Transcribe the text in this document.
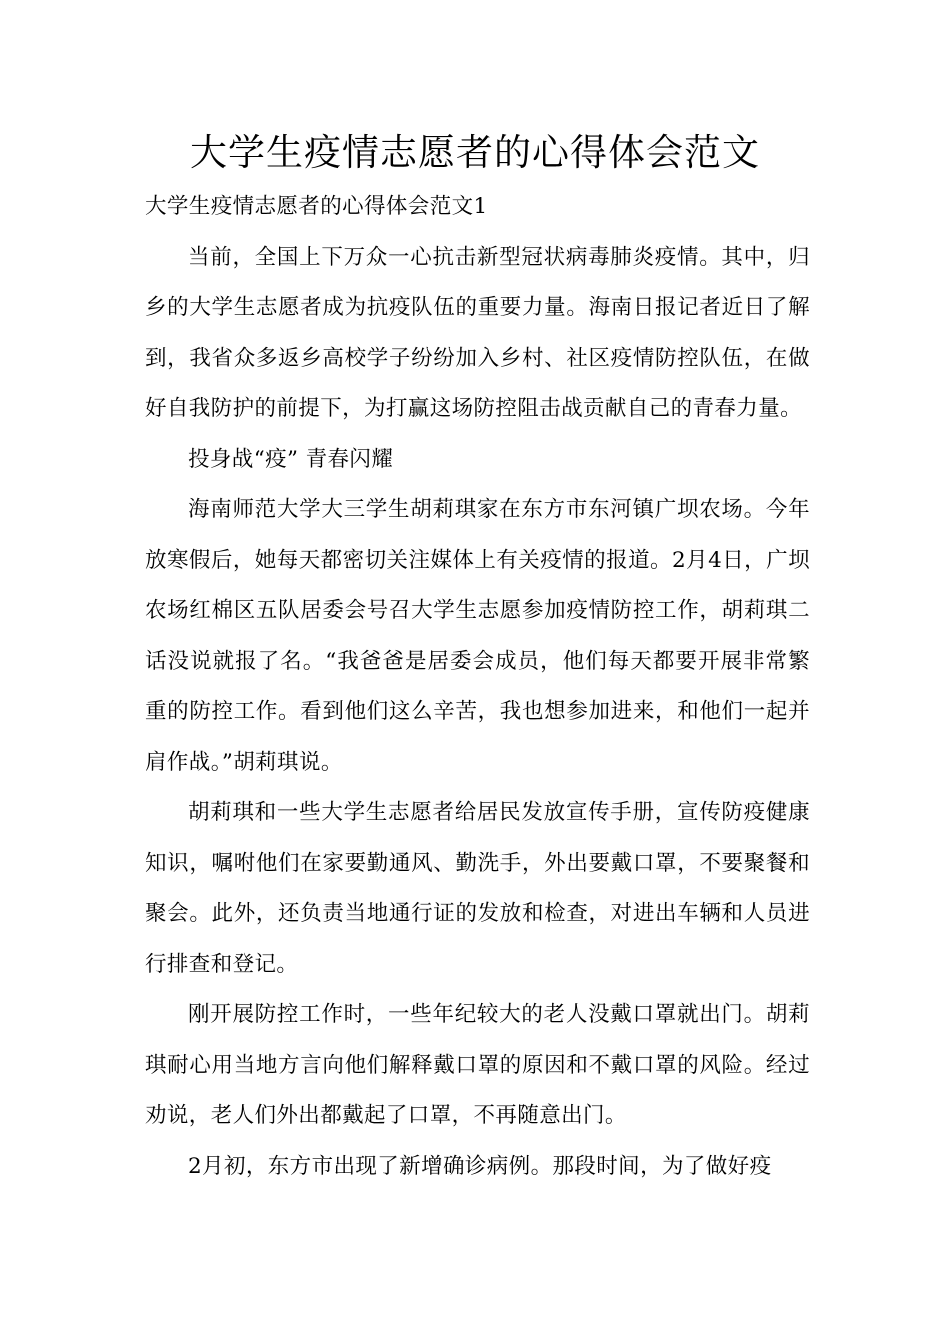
大学生疫情志愿者的心得体会范文

大学生疫情志愿者的心得体会范文1

当前，全国上下万众一心抗击新型冠状病毒肺炎疫情。其中，归乡的大学生志愿者成为抗疫队伍的重要力量。海南日报记者近日了解到，我省众多返乡高校学子纷纷加入乡村、社区疫情防控队伍，在做好自我防护的前提下，为打赢这场防控阻击战贡献自己的青春力量。

投身战“疫” 青春闪耀

海南师范大学大三学生胡莉琪家在东方市东河镇广坝农场。今年放寒假后，她每天都密切关注媒体上有关疫情的报道。2月4日，广坝农场红棉区五队居委会号召大学生志愿参加疫情防控工作，胡莉琪二话没说就报了名。“我爸爸是居委会成员，他们每天都要开展非常繁重的防控工作。看到他们这么辛苦，我也想参加进来，和他们一起并肩作战。”胡莉琪说。

胡莉琪和一些大学生志愿者给居民发放宣传手册，宣传防疫健康知识，嘱咐他们在家要勤通风、勤洗手，外出要戴口罩，不要聚餐和聚会。此外，还负责当地通行证的发放和检查，对进出车辆和人员进行排查和登记。

刚开展防控工作时，一些年纪较大的老人没戴口罩就出门。胡莉琪耐心用当地方言向他们解释戴口罩的原因和不戴口罩的风险。经过劝说，老人们外出都戴起了口罩，不再随意出门。

2月初，东方市出现了新增确诊病例。那段时间，为了做好疫
